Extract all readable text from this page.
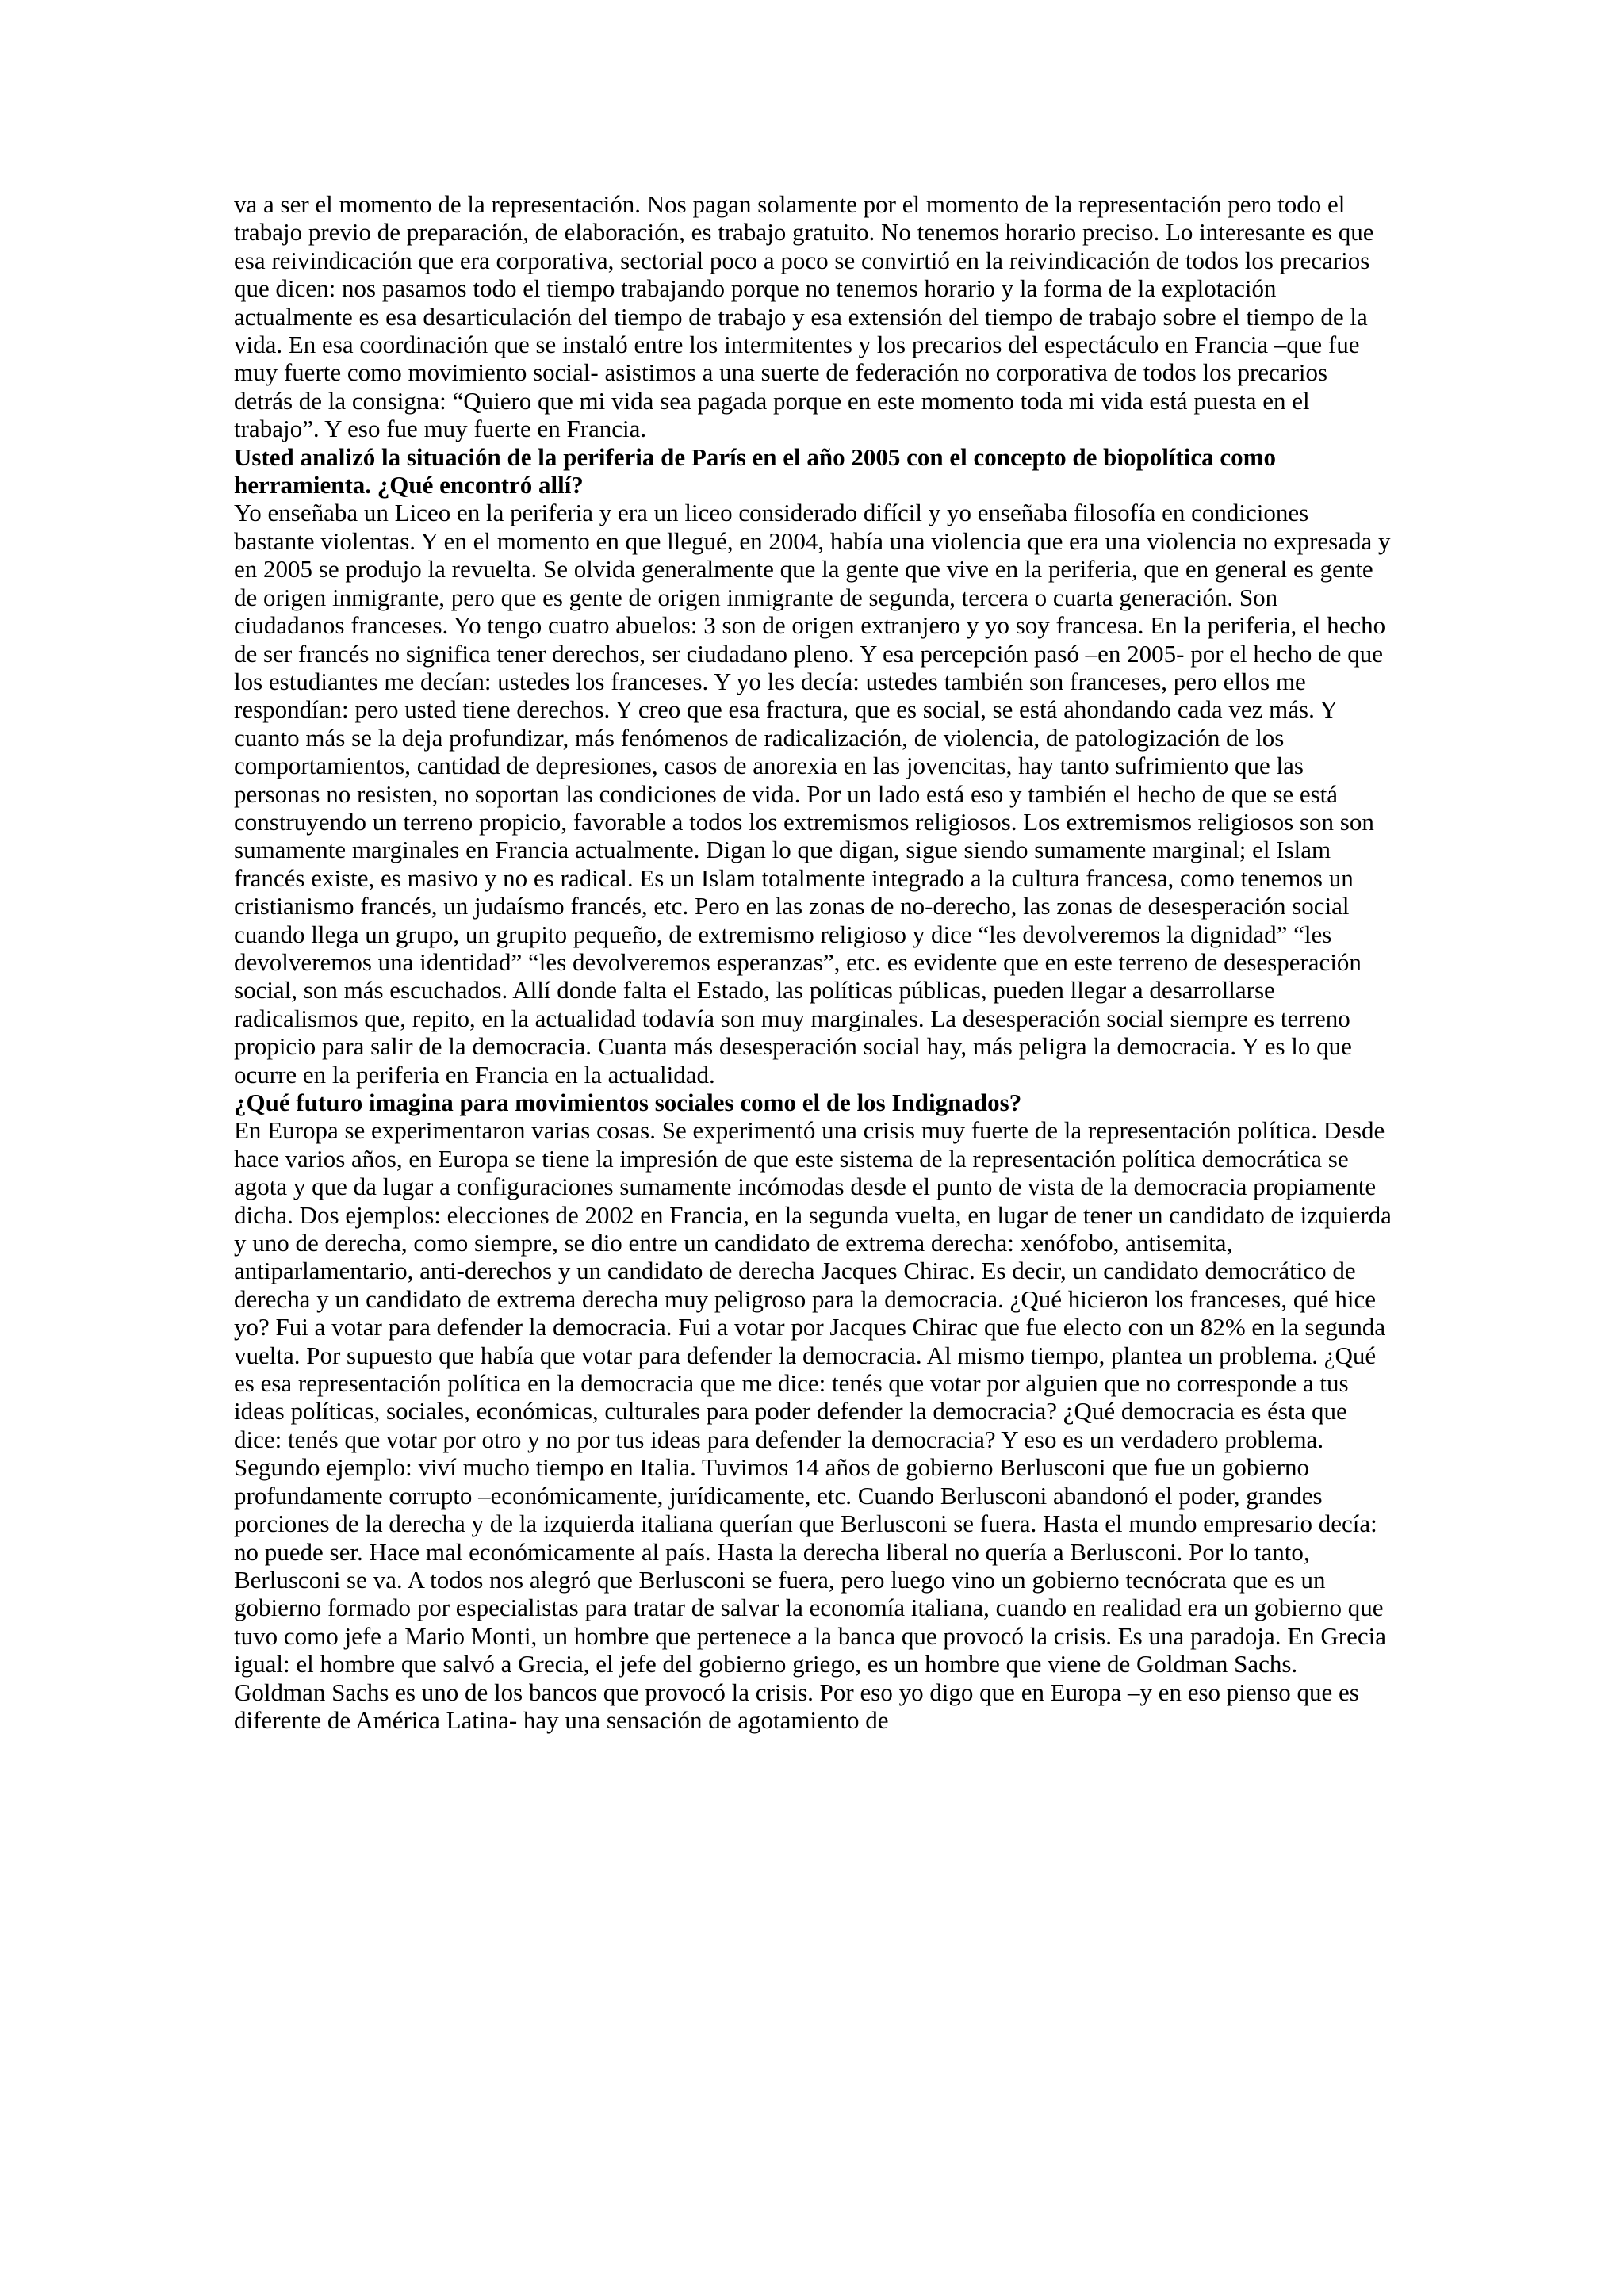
va a ser el momento de la representación. Nos pagan solamente por el momento de la representación pero todo el trabajo previo de preparación, de elaboración, es trabajo gratuito. No tenemos horario preciso. Lo interesante es que esa reivindicación que era corporativa, sectorial poco a poco se convirtió en la reivindicación de todos los precarios que dicen: nos pasamos todo el tiempo trabajando porque no tenemos horario y la forma de la explotación actualmente es esa desarticulación del tiempo de trabajo y esa extensión del tiempo de trabajo sobre el tiempo de la vida. En esa coordinación que se instaló entre los intermitentes y los precarios del espectáculo en Francia –que fue muy fuerte como movimiento social- asistimos a una suerte de federación no corporativa de todos los precarios detrás de la consigna: “Quiero que mi vida sea pagada porque en este momento toda mi vida está puesta en el trabajo”. Y eso fue muy fuerte en Francia.

Usted analizó la situación de la periferia de París en el año 2005 con el concepto de biopolítica como herramienta. ¿Qué encontró allí?

Yo enseñaba un Liceo en la periferia y era un liceo considerado difícil y yo enseñaba filosofía en condiciones bastante violentas. Y en el momento en que llegué, en 2004, había una violencia que era una violencia no expresada y en 2005 se produjo la revuelta. Se olvida generalmente que la gente que vive en la periferia, que en general es gente de origen inmigrante, pero que es gente de origen inmigrante de segunda, tercera o cuarta generación. Son ciudadanos franceses. Yo tengo cuatro abuelos: 3 son de origen extranjero y yo soy francesa. En la periferia, el hecho de ser francés no significa tener derechos, ser ciudadano pleno. Y esa percepción pasó –en 2005- por el hecho de que los estudiantes me decían: ustedes los franceses. Y yo les decía: ustedes también son franceses, pero ellos me respondían: pero usted tiene derechos. Y creo que esa fractura, que es social, se está ahondando cada vez más. Y cuanto más se la deja profundizar, más fenómenos de radicalización, de violencia, de patologización de los comportamientos, cantidad de depresiones, casos de anorexia en las jovencitas, hay tanto sufrimiento que las personas no resisten, no soportan las condiciones de vida. Por un lado está eso y también el hecho de que se está construyendo un terreno propicio, favorable a todos los extremismos religiosos. Los extremismos religiosos son son sumamente marginales en Francia actualmente. Digan lo que digan, sigue siendo sumamente marginal; el Islam francés existe, es masivo y no es radical. Es un Islam totalmente integrado a la cultura francesa, como tenemos un cristianismo francés, un judaísmo francés, etc. Pero en las zonas de no-derecho, las zonas de desesperación social cuando llega un grupo, un grupito pequeño, de extremismo religioso y dice “les devolveremos la dignidad” “les devolveremos una identidad” “les devolveremos esperanzas”, etc. es evidente que en este terreno de desesperación social, son más escuchados. Allí donde falta el Estado, las políticas públicas, pueden llegar a desarrollarse radicalismos que, repito, en la actualidad todavía son muy marginales. La desesperación social siempre es terreno propicio para salir de la democracia. Cuanta más desesperación social hay, más peligra la democracia. Y es lo que ocurre en la periferia en Francia en la actualidad.

¿Qué futuro imagina para movimientos sociales como el de los Indignados?

En Europa se experimentaron varias cosas. Se experimentó una crisis muy fuerte de la representación política. Desde hace varios años, en Europa se tiene la impresión de que este sistema de la representación política democrática se agota y que da lugar a configuraciones sumamente incómodas desde el punto de vista de la democracia propiamente dicha. Dos ejemplos: elecciones de 2002 en Francia, en la segunda vuelta, en lugar de tener un candidato de izquierda y uno de derecha, como siempre, se dio entre un candidato de extrema derecha: xenófobo, antisemita, antiparlamentario, anti-derechos y un candidato de derecha Jacques Chirac. Es decir, un candidato democrático de derecha y un candidato de extrema derecha muy peligroso para la democracia. ¿Qué hicieron los franceses, qué hice yo? Fui a votar para defender la democracia. Fui a votar por Jacques Chirac que fue electo con un 82% en la segunda vuelta. Por supuesto que había que votar para defender la democracia. Al mismo tiempo, plantea un problema. ¿Qué es esa representación política en la democracia que me dice: tenés que votar por alguien que no corresponde a tus ideas políticas, sociales, económicas, culturales para poder defender la democracia? ¿Qué democracia es ésta que dice: tenés que votar por otro y no por tus ideas para defender la democracia? Y eso es un verdadero problema. Segundo ejemplo: viví mucho tiempo en Italia. Tuvimos 14 años de gobierno Berlusconi que fue un gobierno profundamente corrupto –económicamente, jurídicamente, etc. Cuando Berlusconi abandonó el poder, grandes porciones de la derecha y de la izquierda italiana querían que Berlusconi se fuera. Hasta el mundo empresario decía: no puede ser. Hace mal económicamente al país. Hasta la derecha liberal no quería a Berlusconi. Por lo tanto, Berlusconi se va. A todos nos alegró que Berlusconi se fuera, pero luego vino un gobierno tecnócrata que es un gobierno formado por especialistas para tratar de salvar la economía italiana, cuando en realidad era un gobierno que tuvo como jefe a Mario Monti, un hombre que pertenece a la banca que provocó la crisis. Es una paradoja. En Grecia igual: el hombre que salvó a Grecia, el jefe del gobierno griego, es un hombre que viene de Goldman Sachs. Goldman Sachs es uno de los bancos que provocó la crisis. Por eso yo digo que en Europa –y en eso pienso que es diferente de América Latina- hay una sensación de agotamiento de
